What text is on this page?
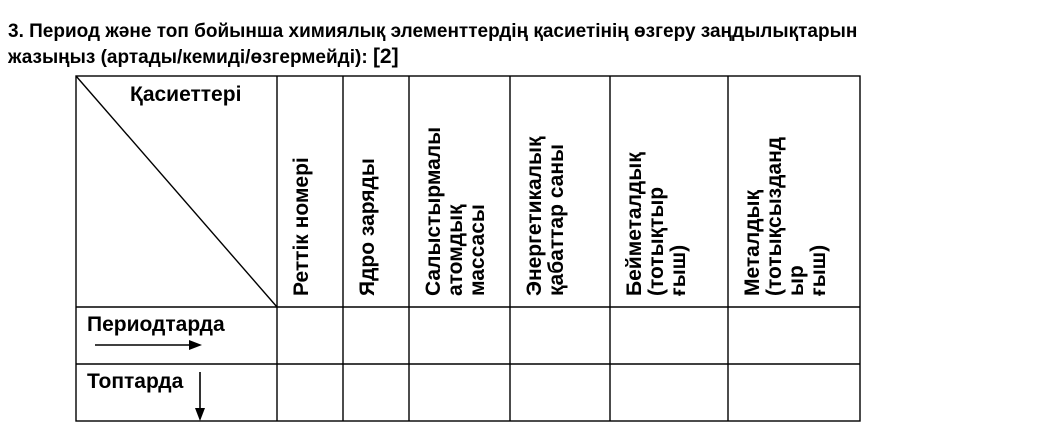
3. Период және топ бойынша химиялық элементтердің қасиетінің өзгеру заңдылықтарын
жазыңыз (артады/кемиді/өзгермейді): [2]
Қасиеттері
Реттік номері Ядро заряды Салыстырмалы атомдық массасы Энергетикалық қабаттар саны	Бейметалдық (тотықтыр ғыш) Металдық (тотықсызданд ыр ғыш)
Периодтарда
Топтарда
